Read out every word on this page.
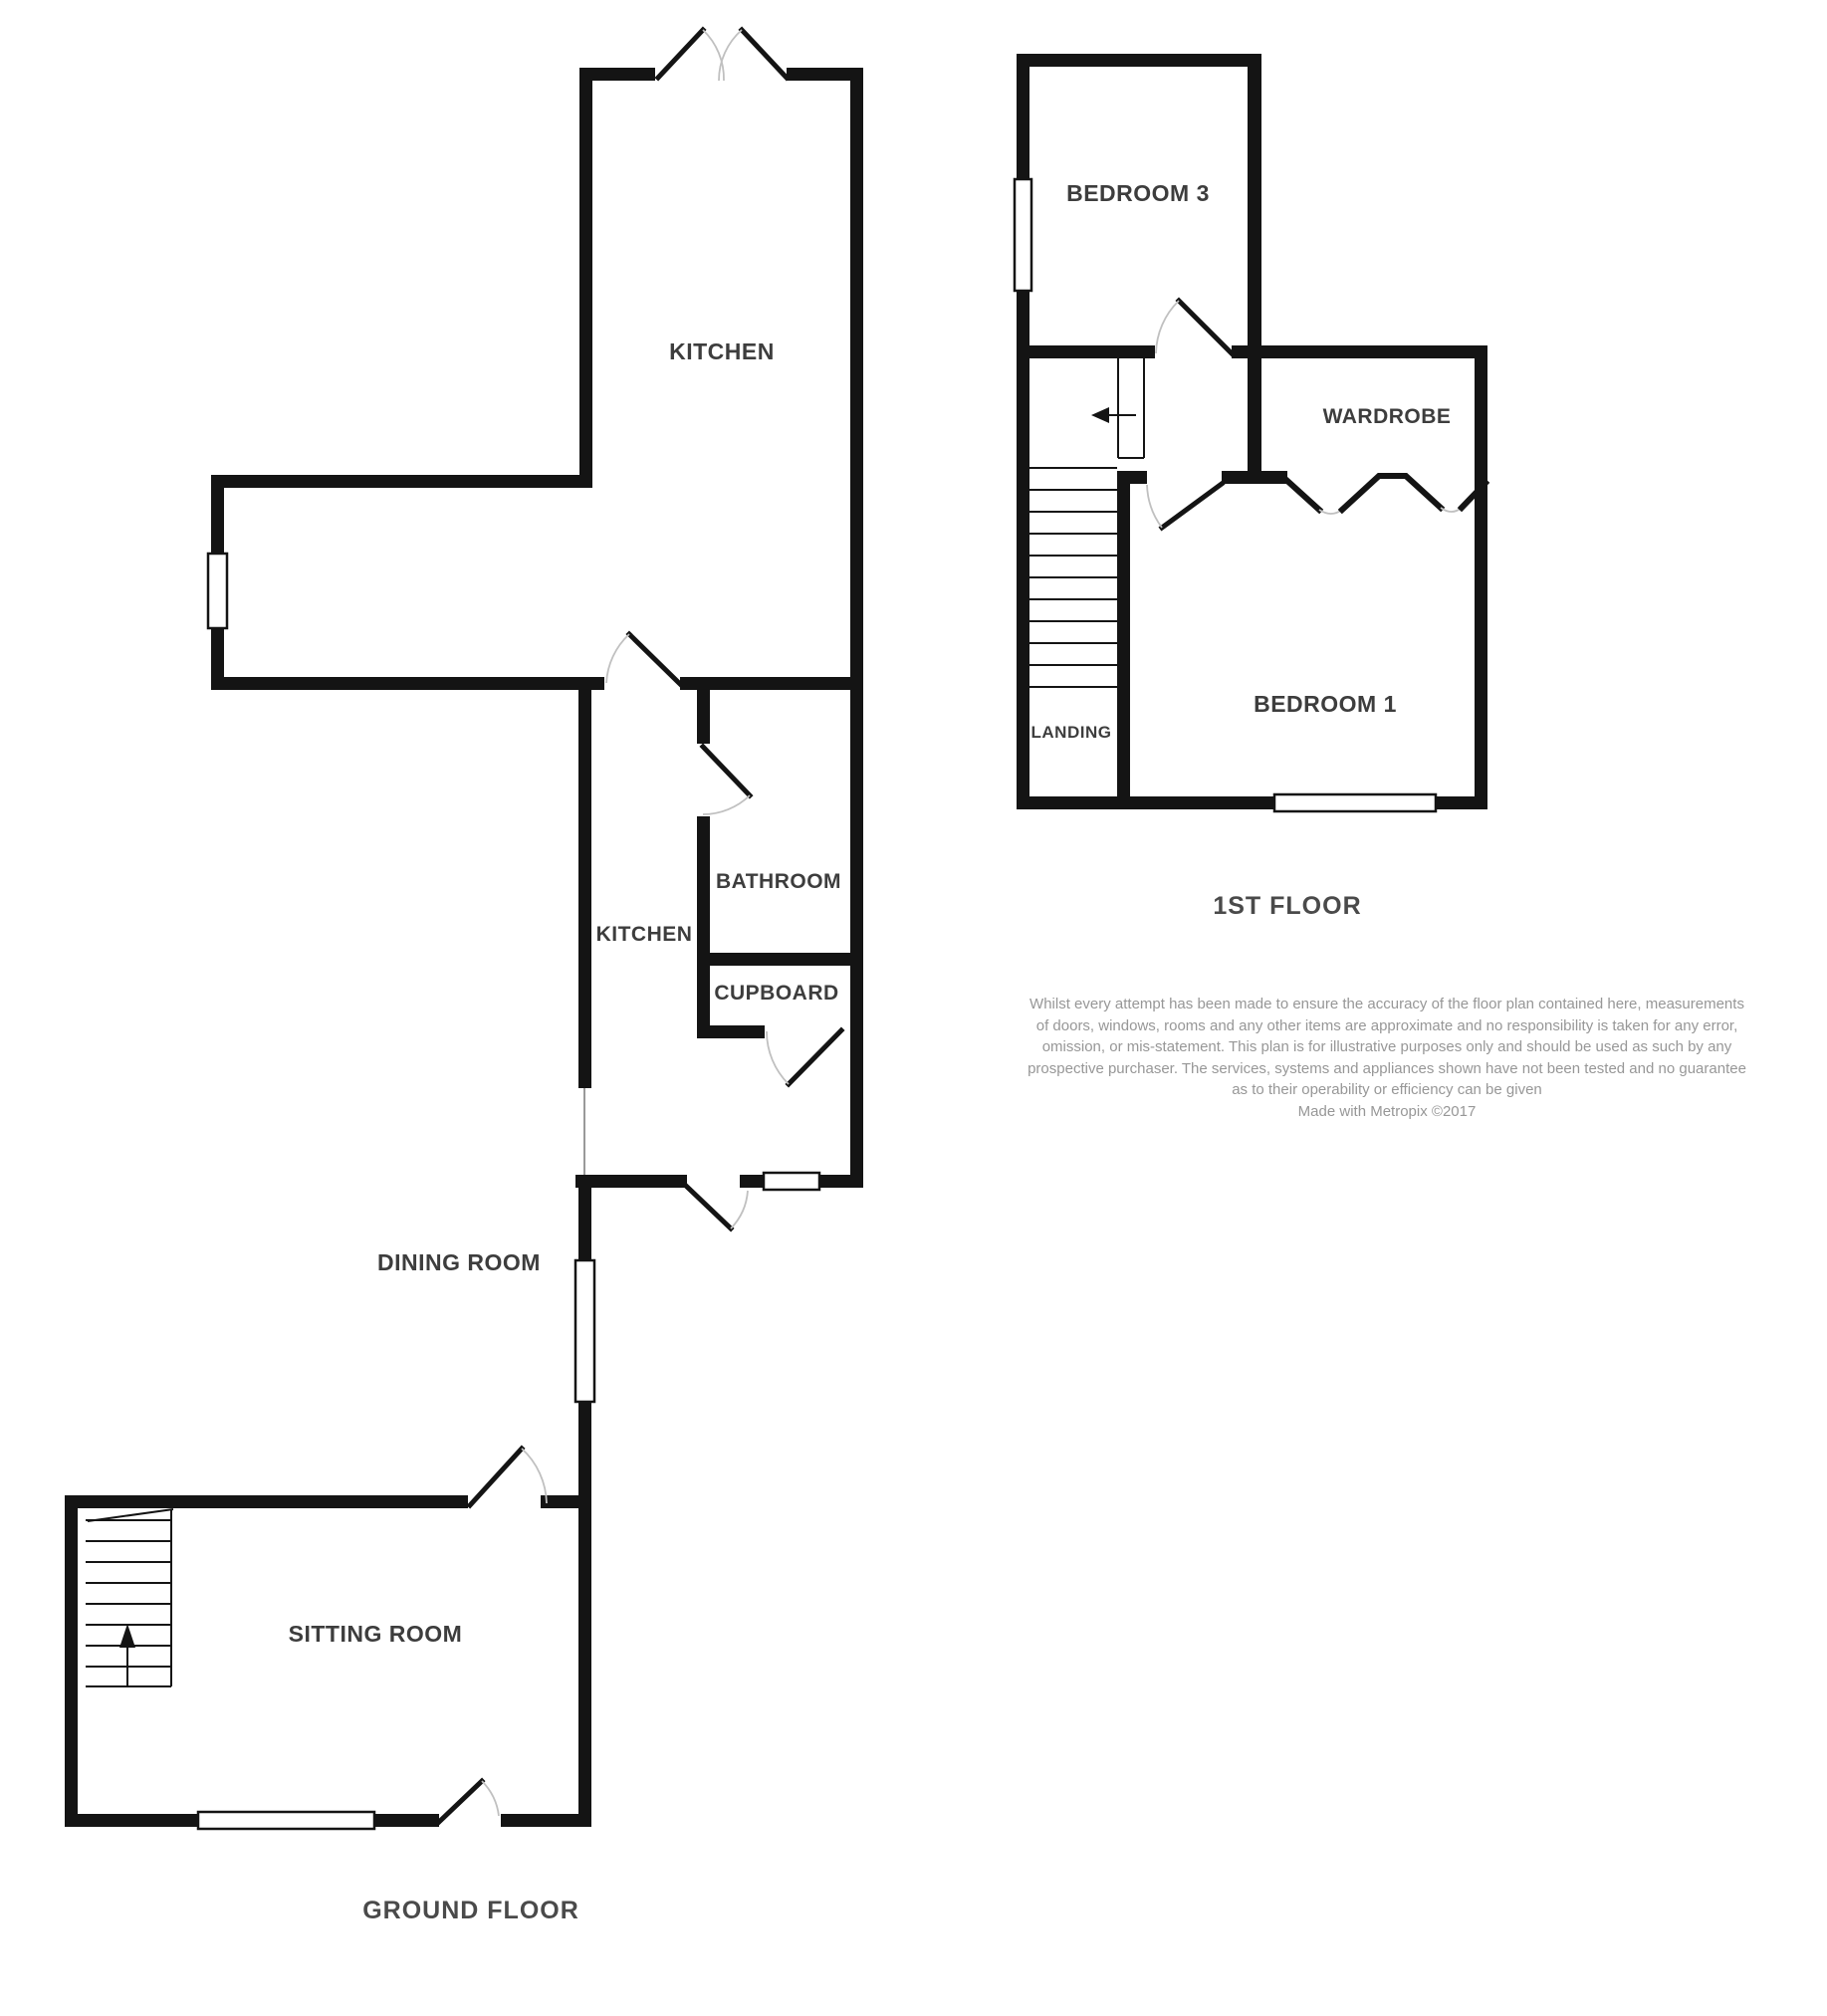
KITCHEN
BATHROOM
KITCHEN
CUPBOARD
DINING ROOM
SITTING ROOM
GROUND FLOOR
BEDROOM 3
WARDROBE
BEDROOM 1
LANDING
1ST FLOOR
Whilst every attempt has been made to ensure the accuracy of the floor plan contained here, measurements
of doors, windows, rooms and any other items are approximate and no responsibility is taken for any error,
omission, or mis-statement. This plan is for illustrative purposes only and should be used as such by any
prospective purchaser. The services, systems and appliances shown have not been tested and no guarantee
as to their operability or efficiency can be given
Made with Metropix ©2017
